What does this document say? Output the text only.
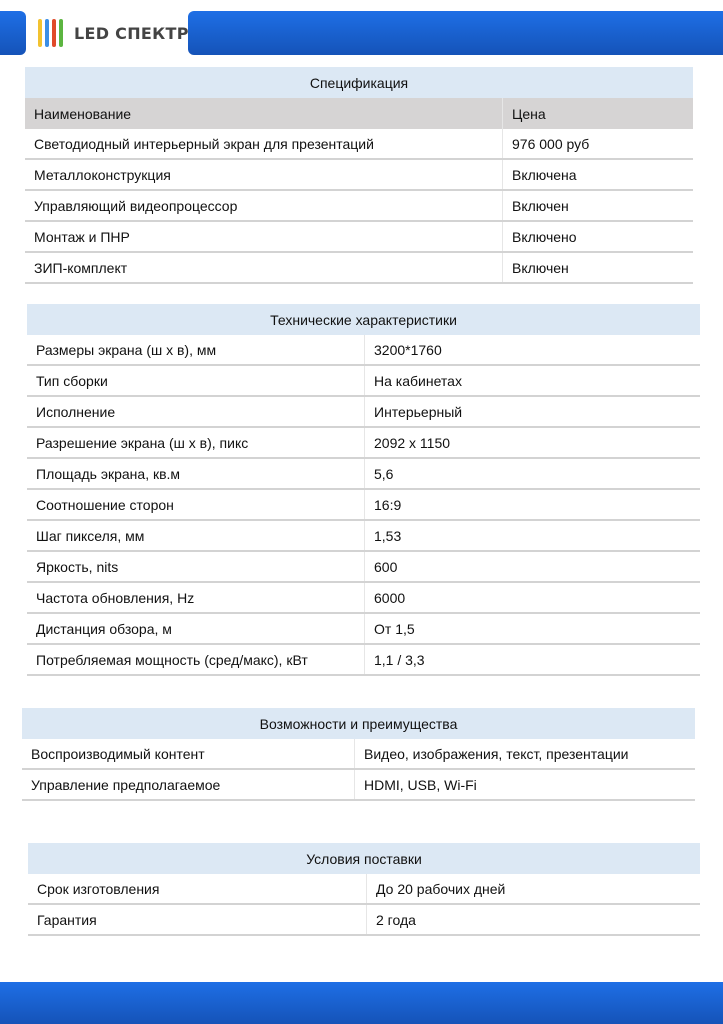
LED СПЕКТР
Спецификация
Наименование	Цена
Светодиодный интерьерный экран для презентаций	976 000 руб
Металлоконструкция	Включена
Управляющий видеопроцессор	Включен
Монтаж и ПНР	Включено
ЗИП-комплект	Включен
Технические характеристики
Размеры экрана (ш х в), мм	3200*1760
Тип сборки	На кабинетах
Исполнение	Интерьерный
Разрешение экрана (ш х в), пикс	2092 x 1150
Площадь экрана, кв.м	5,6
Соотношение сторон	16:9
Шаг пикселя, мм	1,53
Яркость, nits	600
Частота обновления, Hz	6000
Дистанция обзора, м	От 1,5
Потребляемая мощность (сред/макс), кВт	1,1 / 3,3
Возможности и преимущества
Воспроизводимый контент	Видео, изображения, текст, презентации
Управление предполагаемое	HDMI, USB, Wi-Fi
Условия поставки
Срок изготовления	До 20 рабочих дней
Гарантия	2 года
